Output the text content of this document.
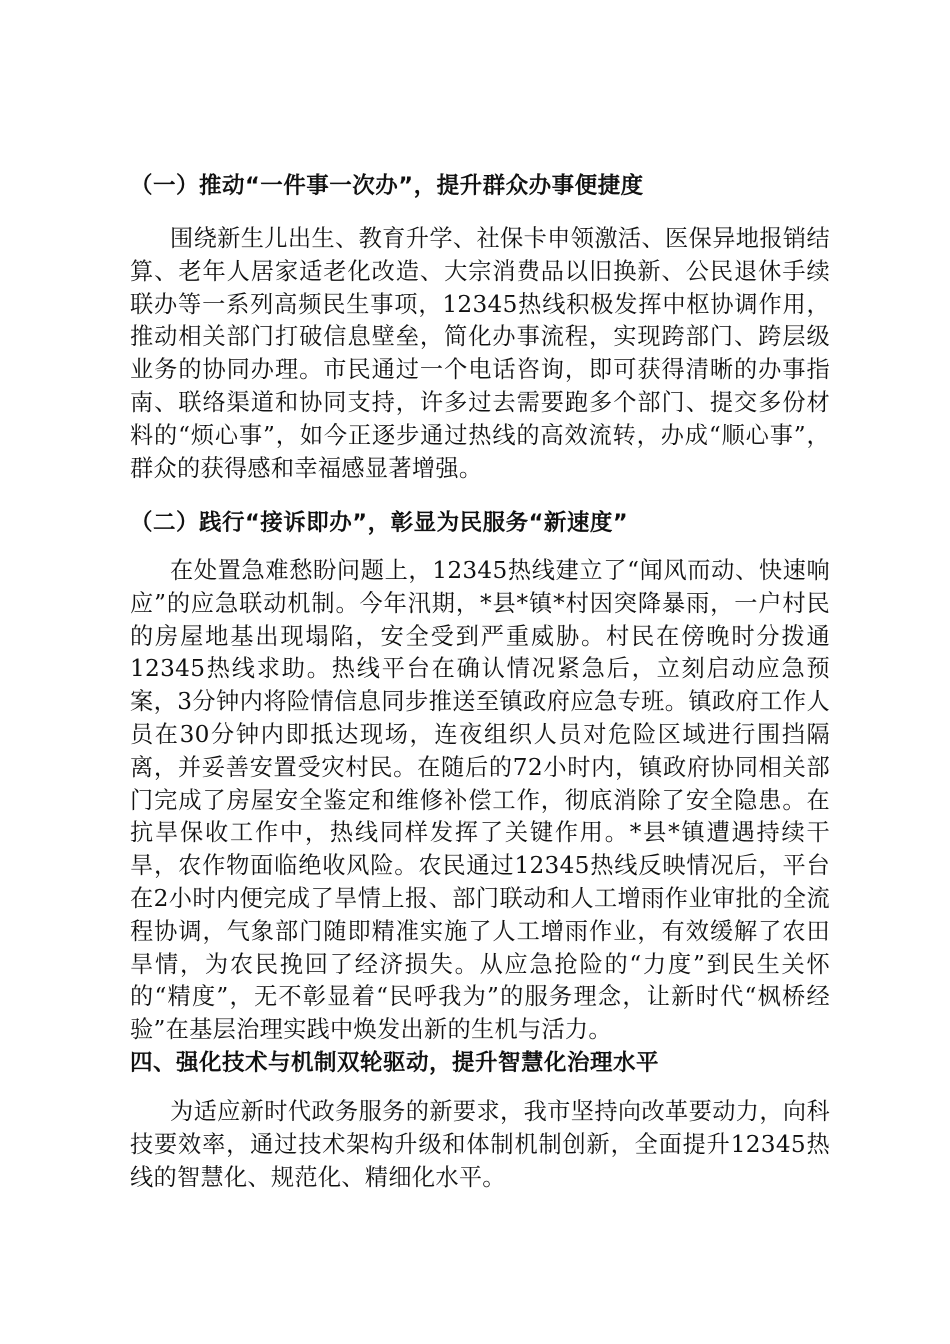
（一）推动“一件事一次办”，提升群众办事便捷度
围绕新生儿出生、教育升学、社保卡申领激活、医保异地报销结算、老年人居家适老化改造、大宗消费品以旧换新、公民退休手续联办等一系列高频民生事项，12345热线积极发挥中枢协调作用，推动相关部门打破信息壁垒，简化办事流程，实现跨部门、跨层级业务的协同办理。市民通过一个电话咨询，即可获得清晰的办事指南、联络渠道和协同支持，许多过去需要跑多个部门、提交多份材料的“烦心事”，如今正逐步通过热线的高效流转，办成“顺心事”，群众的获得感和幸福感显著增强。
（二）践行“接诉即办”，彰显为民服务“新速度”
在处置急难愁盼问题上，12345热线建立了“闻风而动、快速响应”的应急联动机制。今年汛期，*县*镇*村因突降暴雨，一户村民的房屋地基出现塌陷，安全受到严重威胁。村民在傍晚时分拨通12345热线求助。热线平台在确认情况紧急后，立刻启动应急预案，3分钟内将险情信息同步推送至镇政府应急专班。镇政府工作人员在30分钟内即抵达现场，连夜组织人员对危险区域进行围挡隔离，并妥善安置受灾村民。在随后的72小时内，镇政府协同相关部门完成了房屋安全鉴定和维修补偿工作，彻底消除了安全隐患。在抗旱保收工作中，热线同样发挥了关键作用。*县*镇遭遇持续干旱，农作物面临绝收风险。农民通过12345热线反映情况后，平台在2小时内便完成了旱情上报、部门联动和人工增雨作业审批的全流程协调，气象部门随即精准实施了人工增雨作业，有效缓解了农田旱情，为农民挽回了经济损失。从应急抢险的“力度”到民生关怀的“精度”，无不彰显着“民呼我为”的服务理念，让新时代“枫桥经验”在基层治理实践中焕发出新的生机与活力。
四、强化技术与机制双轮驱动，提升智慧化治理水平
为适应新时代政务服务的新要求，我市坚持向改革要动力，向科技要效率，通过技术架构升级和体制机制创新，全面提升12345热线的智慧化、规范化、精细化水平。
